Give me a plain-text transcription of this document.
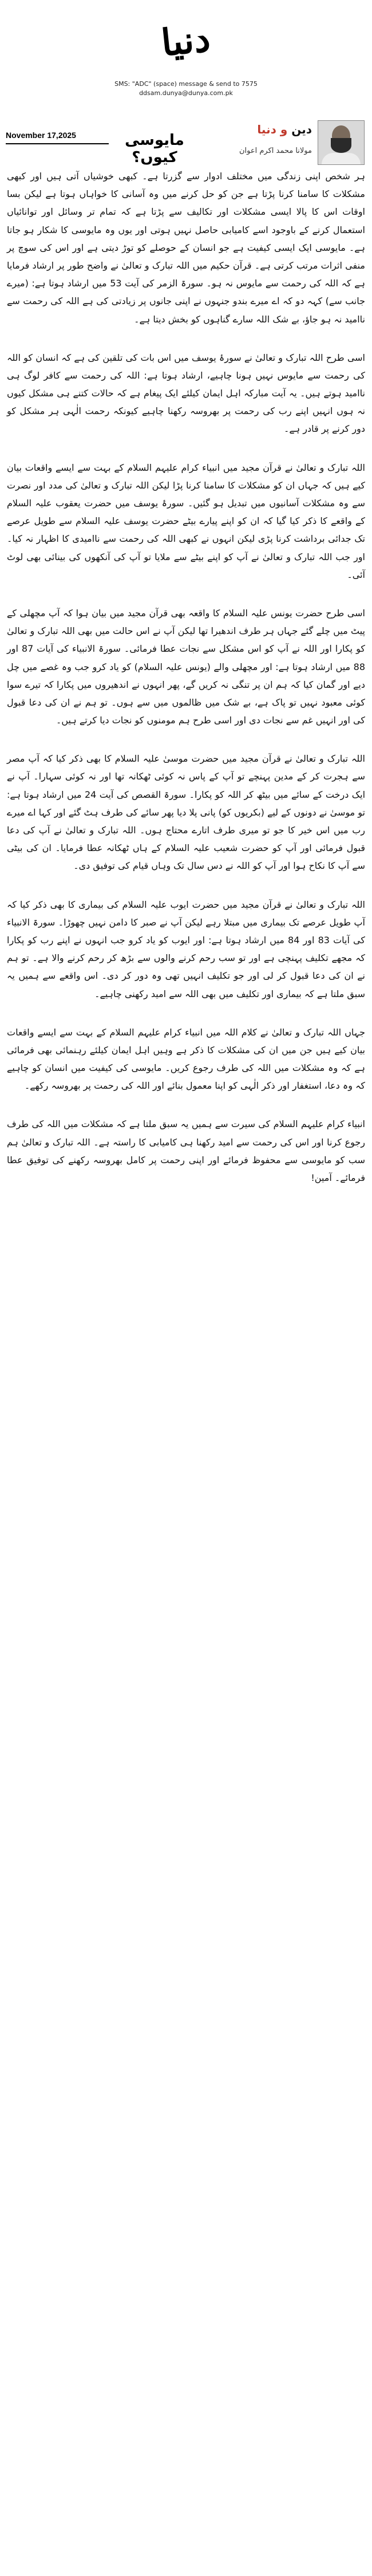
دنیا
SMS: "ADC" (space) message & send to 7575
ddsam.dunya@dunya.com.pk
November 17,2025	مایوسی کیوں؟
دین و دنیا
مولانا محمد اکرم اعوان

ہر شخص اپنی زندگی میں مختلف ادوار سے گزرتا ہے۔ کبھی خوشیاں آتی ہیں اور کبھی مشکلات کا سامنا کرنا پڑتا ہے جن کو حل کرنے میں وہ آسانی کا خواہاں ہوتا ہے لیکن بسا اوقات اس کا پالا ایسی مشکلات اور تکالیف سے پڑتا ہے کہ تمام تر وسائل اور توانائیاں استعمال کرنے کے باوجود اسے کامیابی حاصل نہیں ہوتی اور یوں وہ مایوسی کا شکار ہو جاتا ہے۔ مایوسی ایک ایسی کیفیت ہے جو انسان کے حوصلے کو توڑ دیتی ہے اور اس کی سوچ پر منفی اثرات مرتب کرتی ہے۔ قرآن حکیم میں اللہ تبارک و تعالیٰ نے واضح طور پر ارشاد فرمایا ہے کہ اللہ کی رحمت سے مایوس نہ ہو۔ سورۃ الزمر کی آیت 53 میں ارشاد ہوتا ہے: (میرے جانب سے) کہہ دو کہ اے میرے بندو جنہوں نے اپنی جانوں پر زیادتی کی ہے اللہ کی رحمت سے ناامید نہ ہو جاؤ، بے شک اللہ سارے گناہوں کو بخش دیتا ہے۔

اسی طرح اللہ تبارک و تعالیٰ نے سورۂ یوسف میں اس بات کی تلقین کی ہے کہ انسان کو اللہ کی رحمت سے مایوس نہیں ہونا چاہیے، ارشاد ہوتا ہے: اللہ کی رحمت سے کافر لوگ ہی ناامید ہوتے ہیں۔ یہ آیت مبارکہ اہل ایمان کیلئے ایک پیغام ہے کہ حالات کتنے ہی مشکل کیوں نہ ہوں انہیں اپنے رب کی رحمت پر بھروسہ رکھنا چاہیے کیونکہ رحمت الٰہی ہر مشکل کو دور کرنے پر قادر ہے۔

اللہ تبارک و تعالیٰ نے قرآن مجید میں انبیاء کرام علیہم السلام کے بہت سے ایسے واقعات بیان کیے ہیں کہ جہاں ان کو مشکلات کا سامنا کرنا پڑا لیکن اللہ تبارک و تعالیٰ کی مدد اور نصرت سے وہ مشکلات آسانیوں میں تبدیل ہو گئیں۔ سورۂ یوسف میں حضرت یعقوب علیہ السلام کے واقعے کا ذکر کیا گیا کہ ان کو اپنے پیارے بیٹے حضرت یوسف علیہ السلام سے طویل عرصے تک جدائی برداشت کرنا پڑی لیکن انہوں نے کبھی اللہ کی رحمت سے ناامیدی کا اظہار نہ کیا۔ اور جب اللہ تبارک و تعالیٰ نے آپ کو اپنے بیٹے سے ملایا تو آپ کی آنکھوں کی بینائی بھی لوٹ آئی۔

اسی طرح حضرت یونس علیہ السلام کا واقعہ بھی قرآن مجید میں بیان ہوا کہ آپ مچھلی کے پیٹ میں چلے گئے جہاں ہر طرف اندھیرا تھا لیکن آپ نے اس حالت میں بھی اللہ تبارک و تعالیٰ کو پکارا اور اللہ نے آپ کو اس مشکل سے نجات عطا فرمائی۔ سورۃ الانبیاء کی آیات 87 اور 88 میں ارشاد ہوتا ہے: اور مچھلی والے (یونس علیہ السلام) کو یاد کرو جب وہ غصے میں چل دیے اور گمان کیا کہ ہم ان پر تنگی نہ کریں گے، پھر انہوں نے اندھیروں میں پکارا کہ تیرے سوا کوئی معبود نہیں تو پاک ہے، بے شک میں ظالموں میں سے ہوں۔ تو ہم نے ان کی دعا قبول کی اور انہیں غم سے نجات دی اور اسی طرح ہم مومنوں کو نجات دیا کرتے ہیں۔

اللہ تبارک و تعالیٰ نے قرآن مجید میں حضرت موسیٰ علیہ السلام کا بھی ذکر کیا کہ آپ مصر سے ہجرت کر کے مدین پہنچے تو آپ کے پاس نہ کوئی ٹھکانہ تھا اور نہ کوئی سہارا۔ آپ نے ایک درخت کے سائے میں بیٹھ کر اللہ کو پکارا۔ سورۃ القصص کی آیت 24 میں ارشاد ہوتا ہے: تو موسیٰ نے دونوں کے لیے (بکریوں کو) پانی پلا دیا پھر سائے کی طرف ہٹ گئے اور کہا اے میرے رب میں اس خیر کا جو تو میری طرف اتارے محتاج ہوں۔ اللہ تبارک و تعالیٰ نے آپ کی دعا قبول فرمائی اور آپ کو حضرت شعیب علیہ السلام کے ہاں ٹھکانہ عطا فرمایا۔ ان کی بیٹی سے آپ کا نکاح ہوا اور آپ کو اللہ نے دس سال تک وہاں قیام کی توفیق دی۔

اللہ تبارک و تعالیٰ نے قرآن مجید میں حضرت ایوب علیہ السلام کی بیماری کا بھی ذکر کیا کہ آپ طویل عرصے تک بیماری میں مبتلا رہے لیکن آپ نے صبر کا دامن نہیں چھوڑا۔ سورۃ الانبیاء کی آیات 83 اور 84 میں ارشاد ہوتا ہے: اور ایوب کو یاد کرو جب انہوں نے اپنے رب کو پکارا کہ مجھے تکلیف پہنچی ہے اور تو سب رحم کرنے والوں سے بڑھ کر رحم کرنے والا ہے۔ تو ہم نے ان کی دعا قبول کر لی اور جو تکلیف انہیں تھی وہ دور کر دی۔ اس واقعے سے ہمیں یہ سبق ملتا ہے کہ بیماری اور تکلیف میں بھی اللہ سے امید رکھنی چاہیے۔

جہاں اللہ تبارک و تعالیٰ نے کلام اللہ میں انبیاء کرام علیہم السلام کے بہت سے ایسے واقعات بیان کیے ہیں جن میں ان کی مشکلات کا ذکر ہے وہیں اہل ایمان کیلئے رہنمائی بھی فرمائی ہے کہ وہ مشکلات میں اللہ کی طرف رجوع کریں۔ مایوسی کی کیفیت میں انسان کو چاہیے کہ وہ دعا، استغفار اور ذکر الٰہی کو اپنا معمول بنائے اور اللہ کی رحمت پر بھروسہ رکھے۔

انبیاء کرام علیہم السلام کی سیرت سے ہمیں یہ سبق ملتا ہے کہ مشکلات میں اللہ کی طرف رجوع کرنا اور اس کی رحمت سے امید رکھنا ہی کامیابی کا راستہ ہے۔ اللہ تبارک و تعالیٰ ہم سب کو مایوسی سے محفوظ فرمائے اور اپنی رحمت پر کامل بھروسہ رکھنے کی توفیق عطا فرمائے۔ آمین!
